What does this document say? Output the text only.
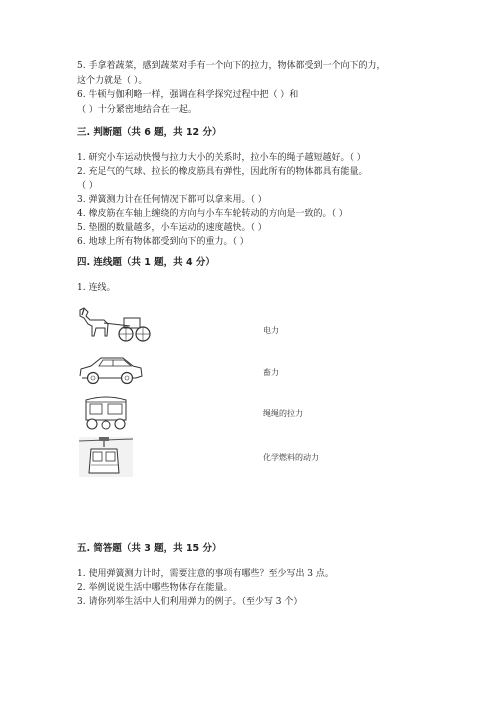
5. 手拿着蔬菜，感到蔬菜对手有一个向下的拉力，物体都受到一个向下的力，
这个力就是（ ）。
6. 牛顿与伽利略一样，强调在科学探究过程中把（ ）和
（ ）十分紧密地结合在一起。
三. 判断题（共 6 题，共 12 分）
1. 研究小车运动快慢与拉力大小的关系时，拉小车的绳子越短越好。（ ）
2. 充足气的气球、拉长的橡皮筋具有弹性，因此所有的物体都具有能量。
（ ）
3. 弹簧测力计在任何情况下都可以拿来用。（ ）
4. 橡皮筋在车轴上缠绕的方向与小车车轮转动的方向是一致的。（ ）
5. 垫圈的数量越多，小车运动的速度越快。（ ）
6. 地球上所有物体都受到向下的重力。（ ）
四. 连线题（共 1 题，共 4 分）
1. 连线。
电力
畜力
绳绳的拉力
化学燃料的动力
五. 简答题（共 3 题，共 15 分）
1. 使用弹簧测力计时，需要注意的事项有哪些？至少写出 3 点。
2. 举例说说生活中哪些物体存在能量。
3. 请你列举生活中人们利用弹力的例子。（至少写 3 个）
